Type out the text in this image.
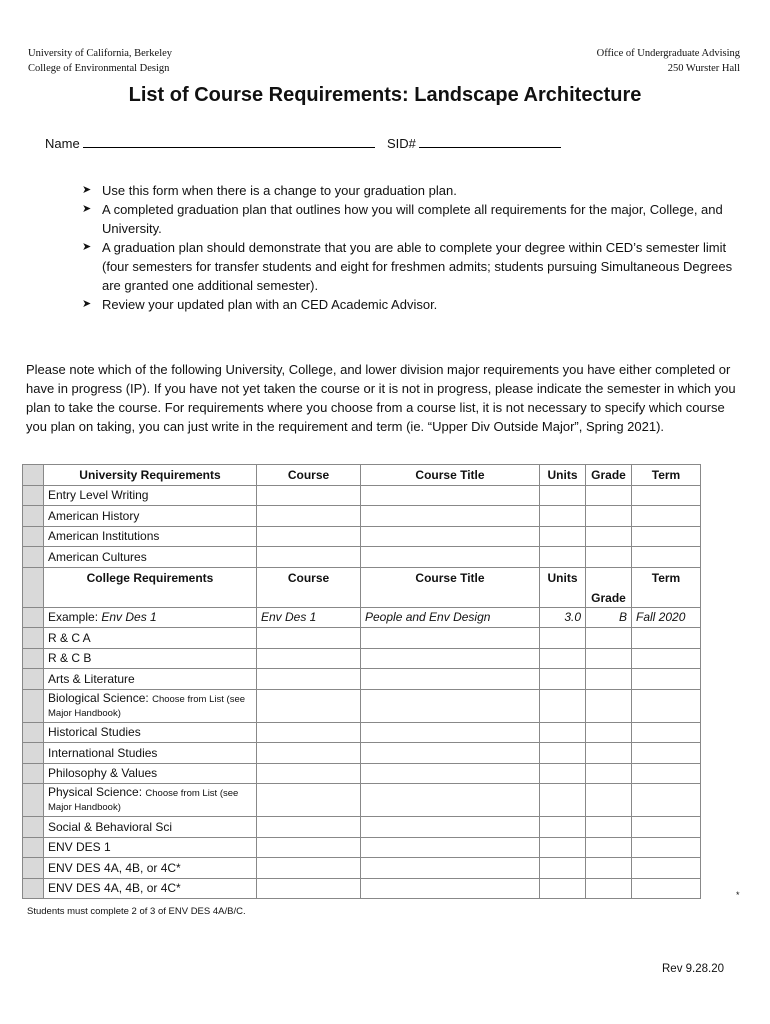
University of California, Berkeley
College of Environmental Design
Office of Undergraduate Advising
250 Wurster Hall
List of Course Requirements: Landscape Architecture
Name	SID#
➤ Use this form when there is a change to your graduation plan.
➤ A completed graduation plan that outlines how you will complete all requirements for the major, College, and University.
➤ A graduation plan should demonstrate that you are able to complete your degree within CED’s semester limit (four semesters for transfer students and eight for freshmen admits; students pursuing Simultaneous Degrees are granted one additional semester).
➤ Review your updated plan with an CED Academic Advisor.
Please note which of the following University, College, and lower division major requirements you have either completed or have in progress (IP). If you have not yet taken the course or it is not in progress, please indicate the semester in which you plan to take the course. For requirements where you choose from a course list, it is not necessary to specify which course you plan on taking, you can just write in the requirement and term (ie. “Upper Div Outside Major”, Spring 2021).
	University Requirements	Course	Course Title	Units	Grade	Term
	Entry Level Writing					
	American History					
	American Institutions					
	American Cultures					
	College Requirements	Course	Course Title	Units	Grade	Term
	Example: Env Des 1	Env Des 1	People and Env Design	3.0	B	Fall 2020
	R & C A					
	R & C B					
	Arts & Literature					
	Biological Science: Choose from List (see
Major Handbook)					
	Historical Studies					
	International Studies					
	Philosophy & Values					
	Physical Science: Choose from List (see
Major Handbook)					
	Social & Behavioral Sci					
	ENV DES 1					
	ENV DES 4A, 4B, or 4C*					
	ENV DES 4A, 4B, or 4C*						*
Students must complete 2 of 3 of ENV DES 4A/B/C.
Rev 9.28.20
